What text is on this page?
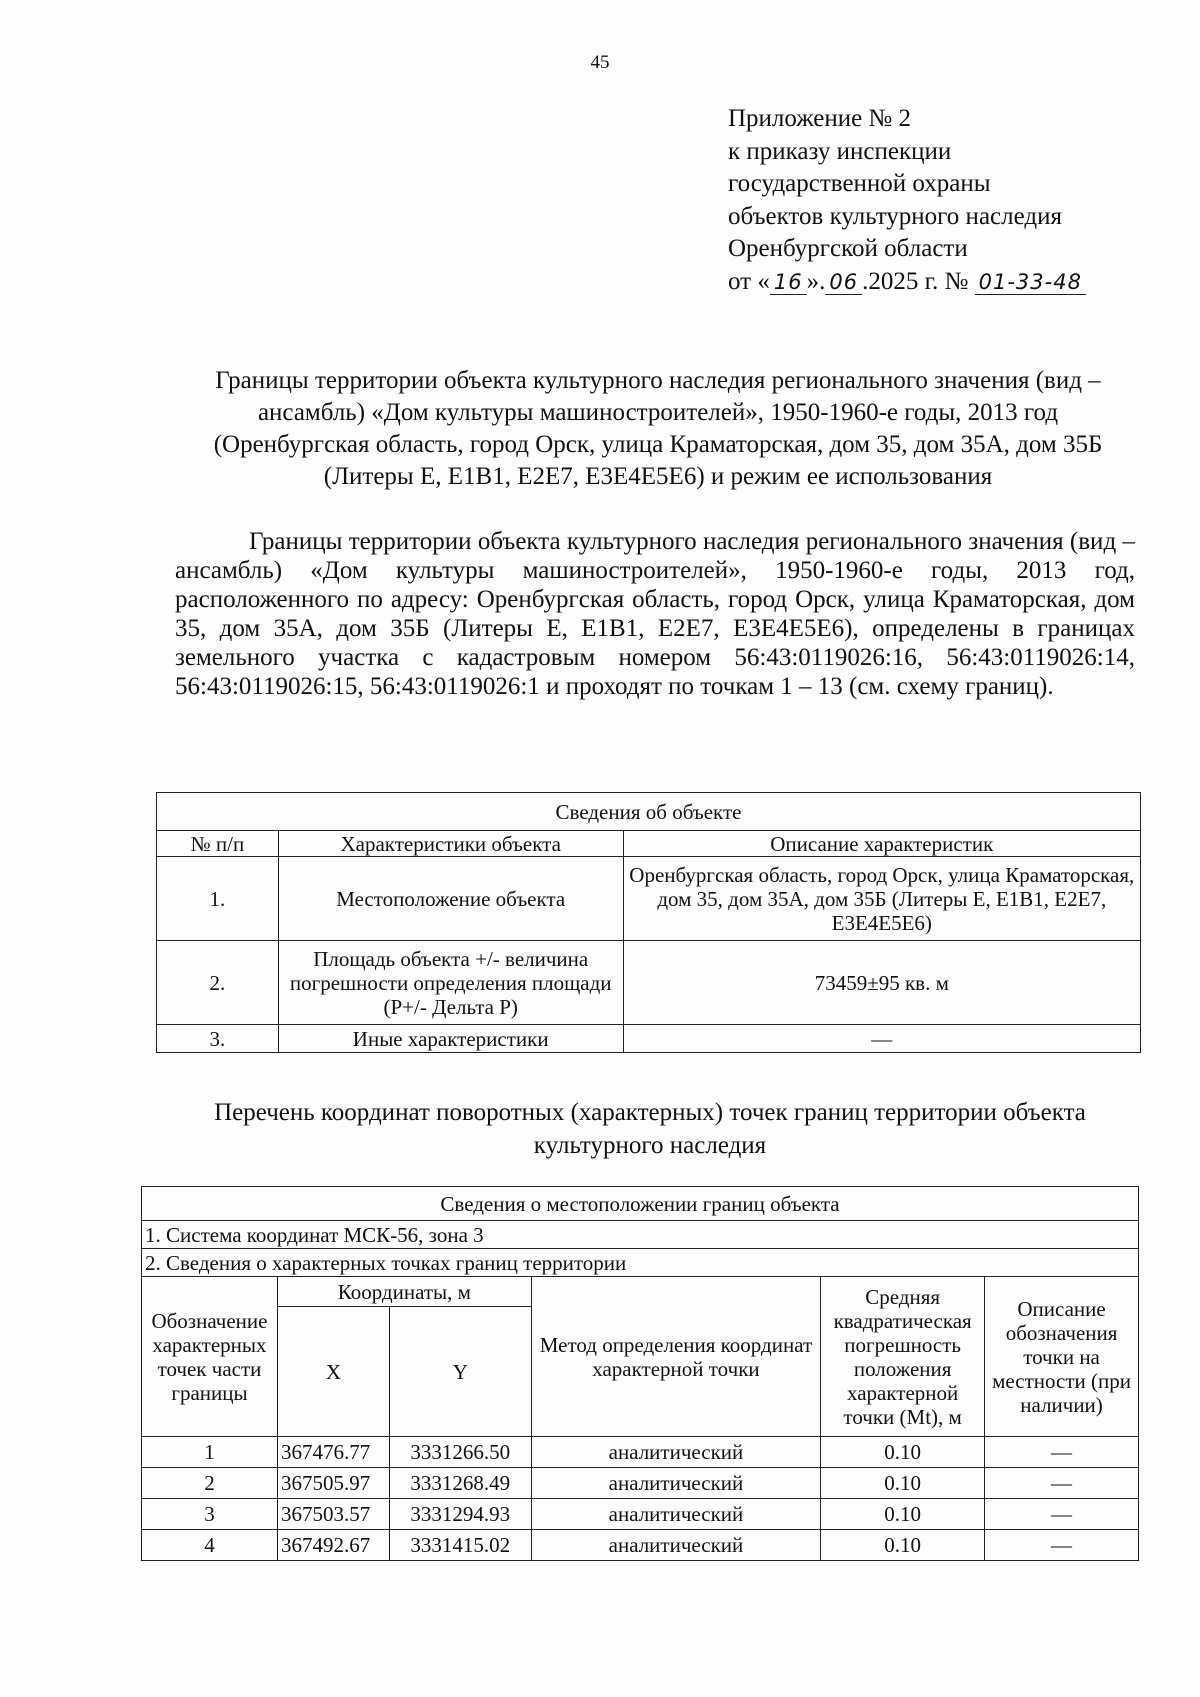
45
Приложение № 2
к приказу инспекции
государственной охраны
объектов культурного наследия
Оренбургской области
от « 16 ». 06 .2025 г. № 01-33-48
Границы территории объекта культурного наследия регионального значения (вид – ансамбль) «Дом культуры машиностроителей», 1950-1960-е годы, 2013 год (Оренбургская область, город Орск, улица Краматорская, дом 35, дом 35А, дом 35Б (Литеры Е, Е1В1, Е2Е7, Е3Е4Е5Е6) и режим ее использования

Границы территории объекта культурного наследия регионального значения (вид – ансамбль) «Дом культуры машиностроителей», 1950-1960-е годы, 2013 год, расположенного по адресу: Оренбургская область, город Орск, улица Краматорская, дом 35, дом 35А, дом 35Б (Литеры Е, Е1В1, Е2Е7, Е3Е4Е5Е6), определены в границах земельного участка с кадастровым номером 56:43:0119026:16, 56:43:0119026:14, 56:43:0119026:15, 56:43:0119026:1 и проходят по точкам 1 – 13 (см. схему границ).

Сведения об объекте		
№ п/п	Характеристики объекта	Описание характеристик
1.	Местоположение объекта	Оренбургская область, город Орск, улица Краматорская, дом 35, дом 35А, дом 35Б (Литеры Е, Е1В1, Е2Е7, Е3Е4Е5Е6)
2.	Площадь объекта +/- величина погрешности определения площади (Р+/- Дельта Р)	73459±95 кв. м
3.	Иные характеристики	—
Перечень координат поворотных (характерных) точек границ территории объекта культурного наследия
Сведения о местоположении границ объекта					
1. Система координат МСК-56, зона 3					
2. Сведения о характерных точках границ территории					
Обозначение характерных точек части границы	Координаты, м		Метод определения координат характерной точки	Средняя квадратическая погрешность положения характерной точки (Mt), м	Описание обозначения точки на местности (при наличии)
	X	Y			
1	367476.77	3331266.50	аналитический	0.10	—
2	367505.97	3331268.49	аналитический	0.10	—
3	367503.57	3331294.93	аналитический	0.10	—
4	367492.67	3331415.02	аналитический	0.10	—
